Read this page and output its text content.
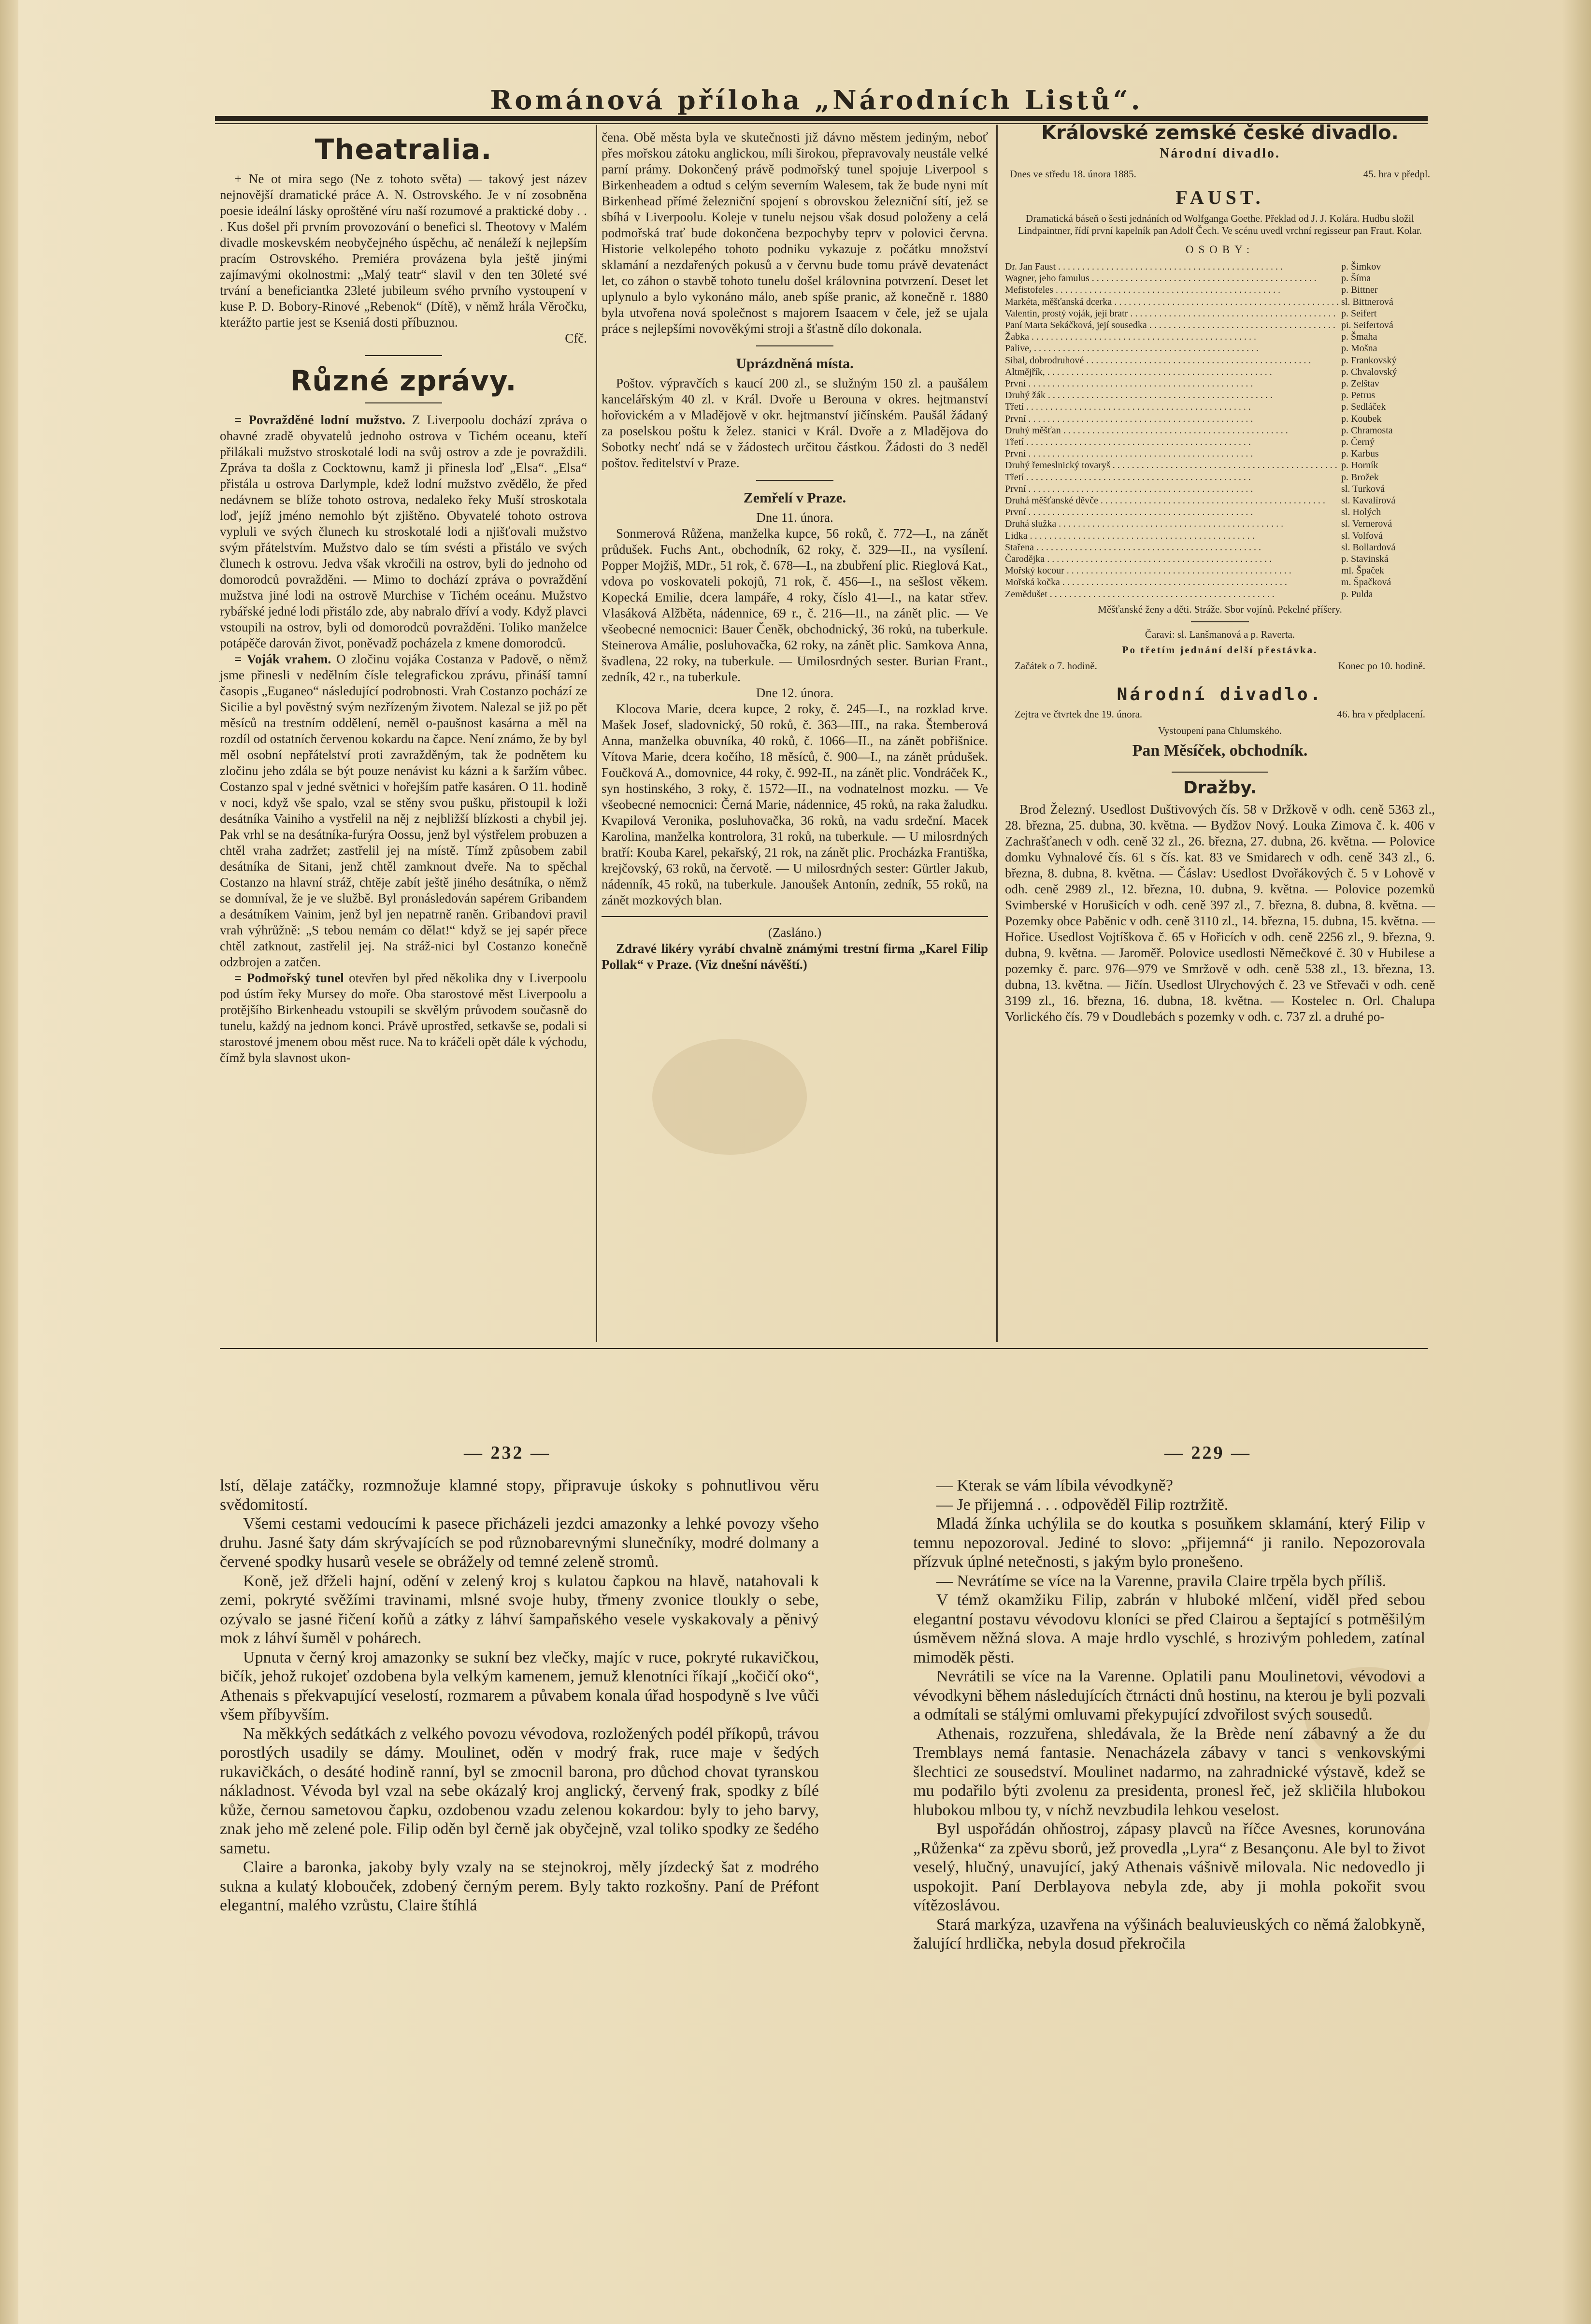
Románová příloha „Národních Listů“.
Theatralia.

+ Ne ot mira sego (Ne z tohoto světa) — takový jest název nejnovější dramatické práce A. N. Ostrovského. Je v ní zosobněna poesie ideální lásky oproštěné víru naší rozumové a praktické doby . . . Kus došel při prvním provozování o benefici sl. Theotovy v Malém divadle moskevském neobyčejného úspěchu, ač nenáleží k nejlepším pracím Ostrovského. Premiéra provázena byla ještě jinými zajímavými okolnostmi: „Malý teatr“ slavil v den ten 30leté své trvání a beneficiantka 23leté jubileum svého prvního vystoupení v kuse P. D. Bobory-Rinové „Rebenok“ (Dítě), v němž hrála Věročku, kterážto partie jest se Kseniá dosti příbuznou.

Cfč.

Různé zprávy.

= Povražděné lodní mužstvo. Z Liverpoolu dochází zpráva o ohavné zradě obyvatelů jednoho ostrova v Tichém oceanu, kteří přilákali mužstvo stroskotalé lodi na svůj ostrov a zde je povraždili. Zpráva ta došla z Cocktownu, kamž ji přinesla loď „Elsa“. „Elsa“ přistála u ostrova Darlymple, kdež lodní mužstvo zvědělo, že před nedávnem se blíže tohoto ostrova, nedaleko řeky Muší stroskotala loď, jejíž jméno nemohlo být zjištěno. Obyvatelé tohoto ostrova vypluli ve svých člunech ku stroskotalé lodi a njišťovali mužstvo svým přátelstvím. Mužstvo dalo se tím svésti a přistálo ve svých člunech k ostrovu. Jedva však vkročili na ostrov, byli do jednoho od domorodců povražděni. — Mimo to dochází zpráva o povraždění mužstva jiné lodi na ostrově Murchise v Tichém oceánu. Mužstvo rybářské jedné lodi přistálo zde, aby nabralo dříví a vody. Když plavci vstoupili na ostrov, byli od domorodců povražděni. Toliko manželce potápěče darován život, poněvadž pocházela z kmene domorodců.

= Voják vrahem. O zločinu vojáka Costanza v Padově, o němž jsme přinesli v nedělním čísle telegrafickou zprávu, přináší tamní časopis „Euganeo“ následující podrobnosti. Vrah Costanzo pochází ze Sicilie a byl pověstný svým nezřízeným životem. Nalezal se již po pět měsíců na trestním oddělení, neměl o-paušnost kasárna a měl na rozdíl od ostatních červenou kokardu na čapce. Není známo, že by byl měl osobní nepřátelství proti zavražděným, tak že podnětem ku zločinu jeho zdála se být pouze nenávist ku kázni a k šaržím vůbec. Costanzo spal v jedné světnici v hořejším patře kasáren. O 11. hodině v noci, když vše spalo, vzal se stěny svou pušku, přistoupil k loži desátníka Vainiho a vystřelil na něj z nejbližší blízkosti a chybil jej. Pak vrhl se na desátníka-furýra Oossu, jenž byl výstřelem probuzen a chtěl vraha zadržet; zastřelil jej na místě. Tímž způsobem zabil desátníka de Sitani, jenž chtěl zamknout dveře. Na to spěchal Costanzo na hlavní stráž, chtěje zabít ještě jiného desátníka, o němž se domníval, že je ve službě. Byl pronásledován sapérem Gribandem a desátníkem Vainim, jenž byl jen nepatrně raněn. Gribandovi pravil vrah výhrůžně: „S tebou nemám co dělat!“ když se jej sapér přece chtěl zatknout, zastřelil jej. Na stráž-nici byl Costanzo konečně odzbrojen a zatčen.

= Podmořský tunel otevřen byl před několika dny v Liverpoolu pod ústím řeky Mursey do moře. Oba starostové měst Liverpoolu a protějšího Birkenheadu vstoupili se skvělým průvodem současně do tunelu, každý na jednom konci. Právě uprostřed, setkavše se, podali si starostové jmenem obou měst ruce. Na to kráčeli opět dále k východu, čímž byla slavnost ukon-

čena. Obě města byla ve skutečnosti již dávno městem jediným, neboť přes mořskou zátoku anglickou, míli širokou, přepravovaly neustále velké parní prámy. Dokončený právě podmořský tunel spojuje Liverpool s Birkenheadem a odtud s celým severním Walesem, tak že bude nyni mít Birkenhead přímé železniční spojení s obrovskou železniční sítí, jež se sbíhá v Liverpoolu. Koleje v tunelu nejsou však dosud položeny a celá podmořská trať bude dokončena bezpochyby teprv v polovici června. Historie velkolepého tohoto podniku vykazuje z počátku množství sklamání a nezdařených pokusů a v červnu bude tomu právě devatenáct let, co záhon o stavbě tohoto tunelu došel královnina potvrzení. Deset let uplynulo a bylo vykonáno málo, aneb spíše pranic, až konečně r. 1880 byla utvořena nová společnost s majorem Isaacem v čele, jež se ujala práce s nejlepšími novověkými stroji a šťastně dílo dokonala.

Uprázdněná místa.

Poštov. výpravčích s kaucí 200 zl., se služným 150 zl. a paušálem kancelářským 40 zl. v Král. Dvoře u Berouna v okres. hejtmanství hořovickém a v Mladějově v okr. hejtmanství jičínském. Paušál žádaný za poselskou poštu k želez. stanici v Král. Dvoře a z Mladějova do Sobotky nechť ndá se v žádostech určitou částkou. Žádosti do 3 neděl poštov. ředitelství v Praze.

Zemřelí v Praze.

Dne 11. února.

Sonmerová Růžena, manželka kupce, 56 roků, č. 772—I., na zánět průdušek. Fuchs Ant., obchodník, 62 roky, č. 329—II., na vysílení. Popper Mojžiš, MDr., 51 rok, č. 678—I., na zbubření plic. Rieglová Kat., vdova po voskovateli pokojů, 71 rok, č. 456—I., na sešlost věkem. Kopecká Emilie, dcera lampáře, 4 roky, číslo 41—I., na katar střev. Vlasáková Alžběta, nádennice, 69 r., č. 216—II., na zánět plic. — Ve všeobecné nemocnici: Bauer Čeněk, obchodnický, 36 roků, na tuberkule. Steinerova Amálie, posluhovačka, 62 roky, na zánět plic. Samkova Anna, švadlena, 22 roky, na tuberkule. — Umilosrdných sester. Burian Frant., zedník, 42 r., na tuberkule.

Dne 12. února.

Klocova Marie, dcera kupce, 2 roky, č. 245—I., na rozklad krve. Mašek Josef, sladovnický, 50 roků, č. 363—III., na raka. Štemberová Anna, manželka obuvníka, 40 roků, č. 1066—II., na zánět pobřišnice. Vítova Marie, dcera kočího, 18 měsíců, č. 900—I., na zánět průdušek. Foučková A., domovnice, 44 roky, č. 992-II., na zánět plic. Vondráček K., syn hostinského, 3 roky, č. 1572—II., na vodnatelnost mozku. — Ve všeobecné nemocnici: Černá Marie, nádennice, 45 roků, na raka žaludku. Kvapilová Veronika, posluhovačka, 36 roků, na vadu srdeční. Macek Karolina, manželka kontrolora, 31 roků, na tuberkule. — U milosrdných bratří: Kouba Karel, pekařský, 21 rok, na zánět plic. Procházka Františka, krejčovský, 63 roků, na červotě. — U milosrdných sester: Gürtler Jakub, nádenník, 45 roků, na tuberkule. Janoušek Antonín, zedník, 55 roků, na zánět mozkových blan.

(Zasláno.)

Zdravé likéry vyrábí chvalně známými trestní firma „Karel Filip Pollak“ v Praze. (Viz dnešní návěští.)

Královské zemské české divadlo.
Národní divadlo.
Dnes ve středu 18. února 1885.	45. hra v předpl.
FAUST.
Dramatická báseň o šesti jednáních od Wolfganga Goethe. Překlad od J. J. Kolára. Hudbu složil Lindpaintner, řídí první kapelník pan Adolf Čech. Ve scénu uvedl vrchní regisseur pan Fraut. Kolar.
OSOBY:
Dr. Jan Faust . . .	p. Šimkov
Wagner, jeho famulus . . .	p. Šíma
Mefistofeles . . .	p. Bittner
Markéta, měšťanská dcerka . . .	sl. Bittnerová
Valentin, prostý voják, její bratr . . .	p. Seifert
Paní Marta Sekáčková, její sousedka . . .	pi. Seifertová
Žabka . . .	p. Šmaha
Palive, . . .	p. Mošna
Sibal, dobrodruhové . . .	p. Frankovský
Altmějřík, . . .	p. Chvalovský
První . . .	p. Zelštav
Druhý žák . . .	p. Petrus
Třetí . . .	p. Sedláček
První . . .	p. Koubek
Druhý měšťan . . .	p. Chramosta
Třetí . . .	p. Černý
První . . .	p. Karbus
Druhý řemeslnický tovaryš . . .	p. Horník
Třetí . . .	p. Brožek
První . . .	sl. Turková
Druhá měšťanské děvče . . .	sl. Kavalírová
První . . .	sl. Holých
Druhá služka . . .	sl. Vernerová
Lidka . . .	sl. Volfová
Stařena . . .	sl. Bollardová
Čarodějka . . .	p. Stavinská
Mořský kocour . . .	ml. Špaček
Mořská kočka . . .	m. Špačková
Zemědušet . . .	p. Pulda
Měšťanské ženy a děti. Stráže. Sbor vojínů. Pekelné příšery.
Čaravi: sl. Lanšmanová a p. Raverta.
Po třetím jednání delší přestávka.
Začátek o 7. hodině.	Konec po 10. hodině.
Národní divadlo.
Zejtra ve čtvrtek dne 19. února.	46. hra v předplacení.
Vystoupení pana Chlumského.
Pan Měsíček, obchodník.
Dražby.

Brod Železný. Usedlost Duštivových čís. 58 v Držkově v odh. ceně 5363 zl., 28. března, 25. dubna, 30. května. — Bydžov Nový. Louka Zimova č. k. 406 v Zachrašťanech v odh. ceně 32 zl., 26. března, 27. dubna, 26. května. — Polovice domku Vyhnalové čís. 61 s čís. kat. 83 ve Smidarech v odh. ceně 343 zl., 6. března, 8. dubna, 8. května. — Čáslav: Usedlost Dvořákových č. 5 v Lohově v odh. ceně 2989 zl., 12. března, 10. dubna, 9. května. — Polovice pozemků Svimberské v Horušicích v odh. ceně 397 zl., 7. března, 8. dubna, 8. května. — Pozemky obce Paběnic v odh. ceně 3110 zl., 14. března, 15. dubna, 15. května. — Hořice. Usedlost Vojtíškova č. 65 v Hořicích v odh. ceně 2256 zl., 9. března, 9. dubna, 9. května. — Jaroměř. Polovice usedlosti Němečkové č. 30 v Hubilese a pozemky č. parc. 976—979 ve Smržově v odh. ceně 538 zl., 13. března, 13. dubna, 13. května. — Jičín. Usedlost Ulrychových č. 23 ve Střevači v odh. ceně 3199 zl., 16. března, 16. dubna, 18. května. — Kostelec n. Orl. Chalupa Vorlického čís. 79 v Doudlebách s pozemky v odh. c. 737 zl. a druhé po-

— 232 —	— 229 —

lstí, dělaje zatáčky, rozmnožuje klamné stopy, připravuje úskoky s pohnutlivou věru svědomitostí.

Všemi cestami vedoucími k pasece přicházeli jezdci amazonky a lehké povozy všeho druhu. Jasné šaty dám skrývajících se pod různobarevnými slunečníky, modré dolmany a červené spodky husarů vesele se obrážely od temné zeleně stromů.

Koně, jež dřželi hajní, odění v zelený kroj s kulatou čapkou na hlavě, natahovali k zemi, pokryté svěžími travinami, mlsné svoje huby, třmeny zvonice tloukly o sebe, ozývalo se jasné řičení koňů a zátky z láhví šampaňského vesele vyskakovaly a pěnivý mok z láhví šuměl v pohárech.

Upnuta v černý kroj amazonky se sukní bez vlečky, majíc v ruce, pokryté rukavičkou, bičík, jehož rukojeť ozdobena byla velkým kamenem, jemuž klenotníci říkají „kočičí oko“, Athenais s překvapující veselostí, rozmarem a půvabem konala úřad hospodyně s lve vůči všem příbyvším.

Na měkkých sedátkách z velkého povozu vévodova, rozložených podél příkopů, trávou porostlých usadily se dámy. Moulinet, oděn v modrý frak, ruce maje v šedých rukavičkách, o desáté hodině ranní, byl se zmocnil barona, pro důchod chovat tyranskou nákladnost. Vévoda byl vzal na sebe okázalý kroj anglický, červený frak, spodky z bílé kůže, černou sametovou čapku, ozdobenou vzadu zelenou kokardou: byly to jeho barvy, znak jeho mě zelené pole. Filip oděn byl černě jak obyčejně, vzal toliko spodky ze šedého sametu.

Claire a baronka, jakoby byly vzaly na se stejnokroj, měly jízdecký šat z modrého sukna a kulatý klobouček, zdobený černým perem. Byly takto rozkošny. Paní de Préfont elegantní, malého vzrůstu, Claire štíhlá

— Kterak se vám líbila vévodkyně?

— Je přijemná . . . odpověděl Filip roztržitě.

Mladá žínka uchýlila se do koutka s posuňkem sklamání, který Filip v temnu nepozoroval. Jediné to slovo: „přijemná“ ji ranilo. Nepozorovala přízvuk úplné netečnosti, s jakým bylo pronešeno.

— Nevrátíme se více na la Varenne, pravila Claire trpěla bych příliš.

V témž okamžiku Filip, zabrán v hluboké mlčení, viděl před sebou elegantní postavu vévodovu kloníci se před Clairou a šeptající s potměšilým úsměvem něžná slova. A maje hrdlo vyschlé, s hrozivým pohledem, zatínal mimoděk pěsti.

Nevrátili se více na la Varenne. Oplatili panu Moulinetovi, vévodovi a vévodkyni během následujících čtrnácti dnů hostinu, na kterou je byli pozvali a odmítali se stálými omluvami překypující zdvořilost svých sousedů.

Athenais, rozzuřena, shledávala, že la Brède není zábavný a že du Tremblays nemá fantasie. Nenacházela zábavy v tanci s venkovskými šlechtici ze sousedství. Moulinet nadarmo, na zahradnické výstavě, kdež se mu podařilo býti zvolenu za presidenta, pronesl řeč, jež skličila hlubokou hlubokou mlbou ty, v níchž nevzbudila lehkou veselost.

Byl uspořádán ohňostroj, zápasy plavců na říčce Avesnes, korunována „Růženka“ za zpěvu sborů, jež provedla „Lyra“ z Besançonu. Ale byl to život veselý, hlučný, unavující, jaký Athenais vášnivě milovala. Nic nedovedlo ji uspokojit. Paní Derblayova nebyla zde, aby ji mohla pokořit svou vítězoslávou.

Stará markýza, uzavřena na výšinách bealuvieuských co němá žalobkyně, žalující hrdlička, nebyla dosud překročila
